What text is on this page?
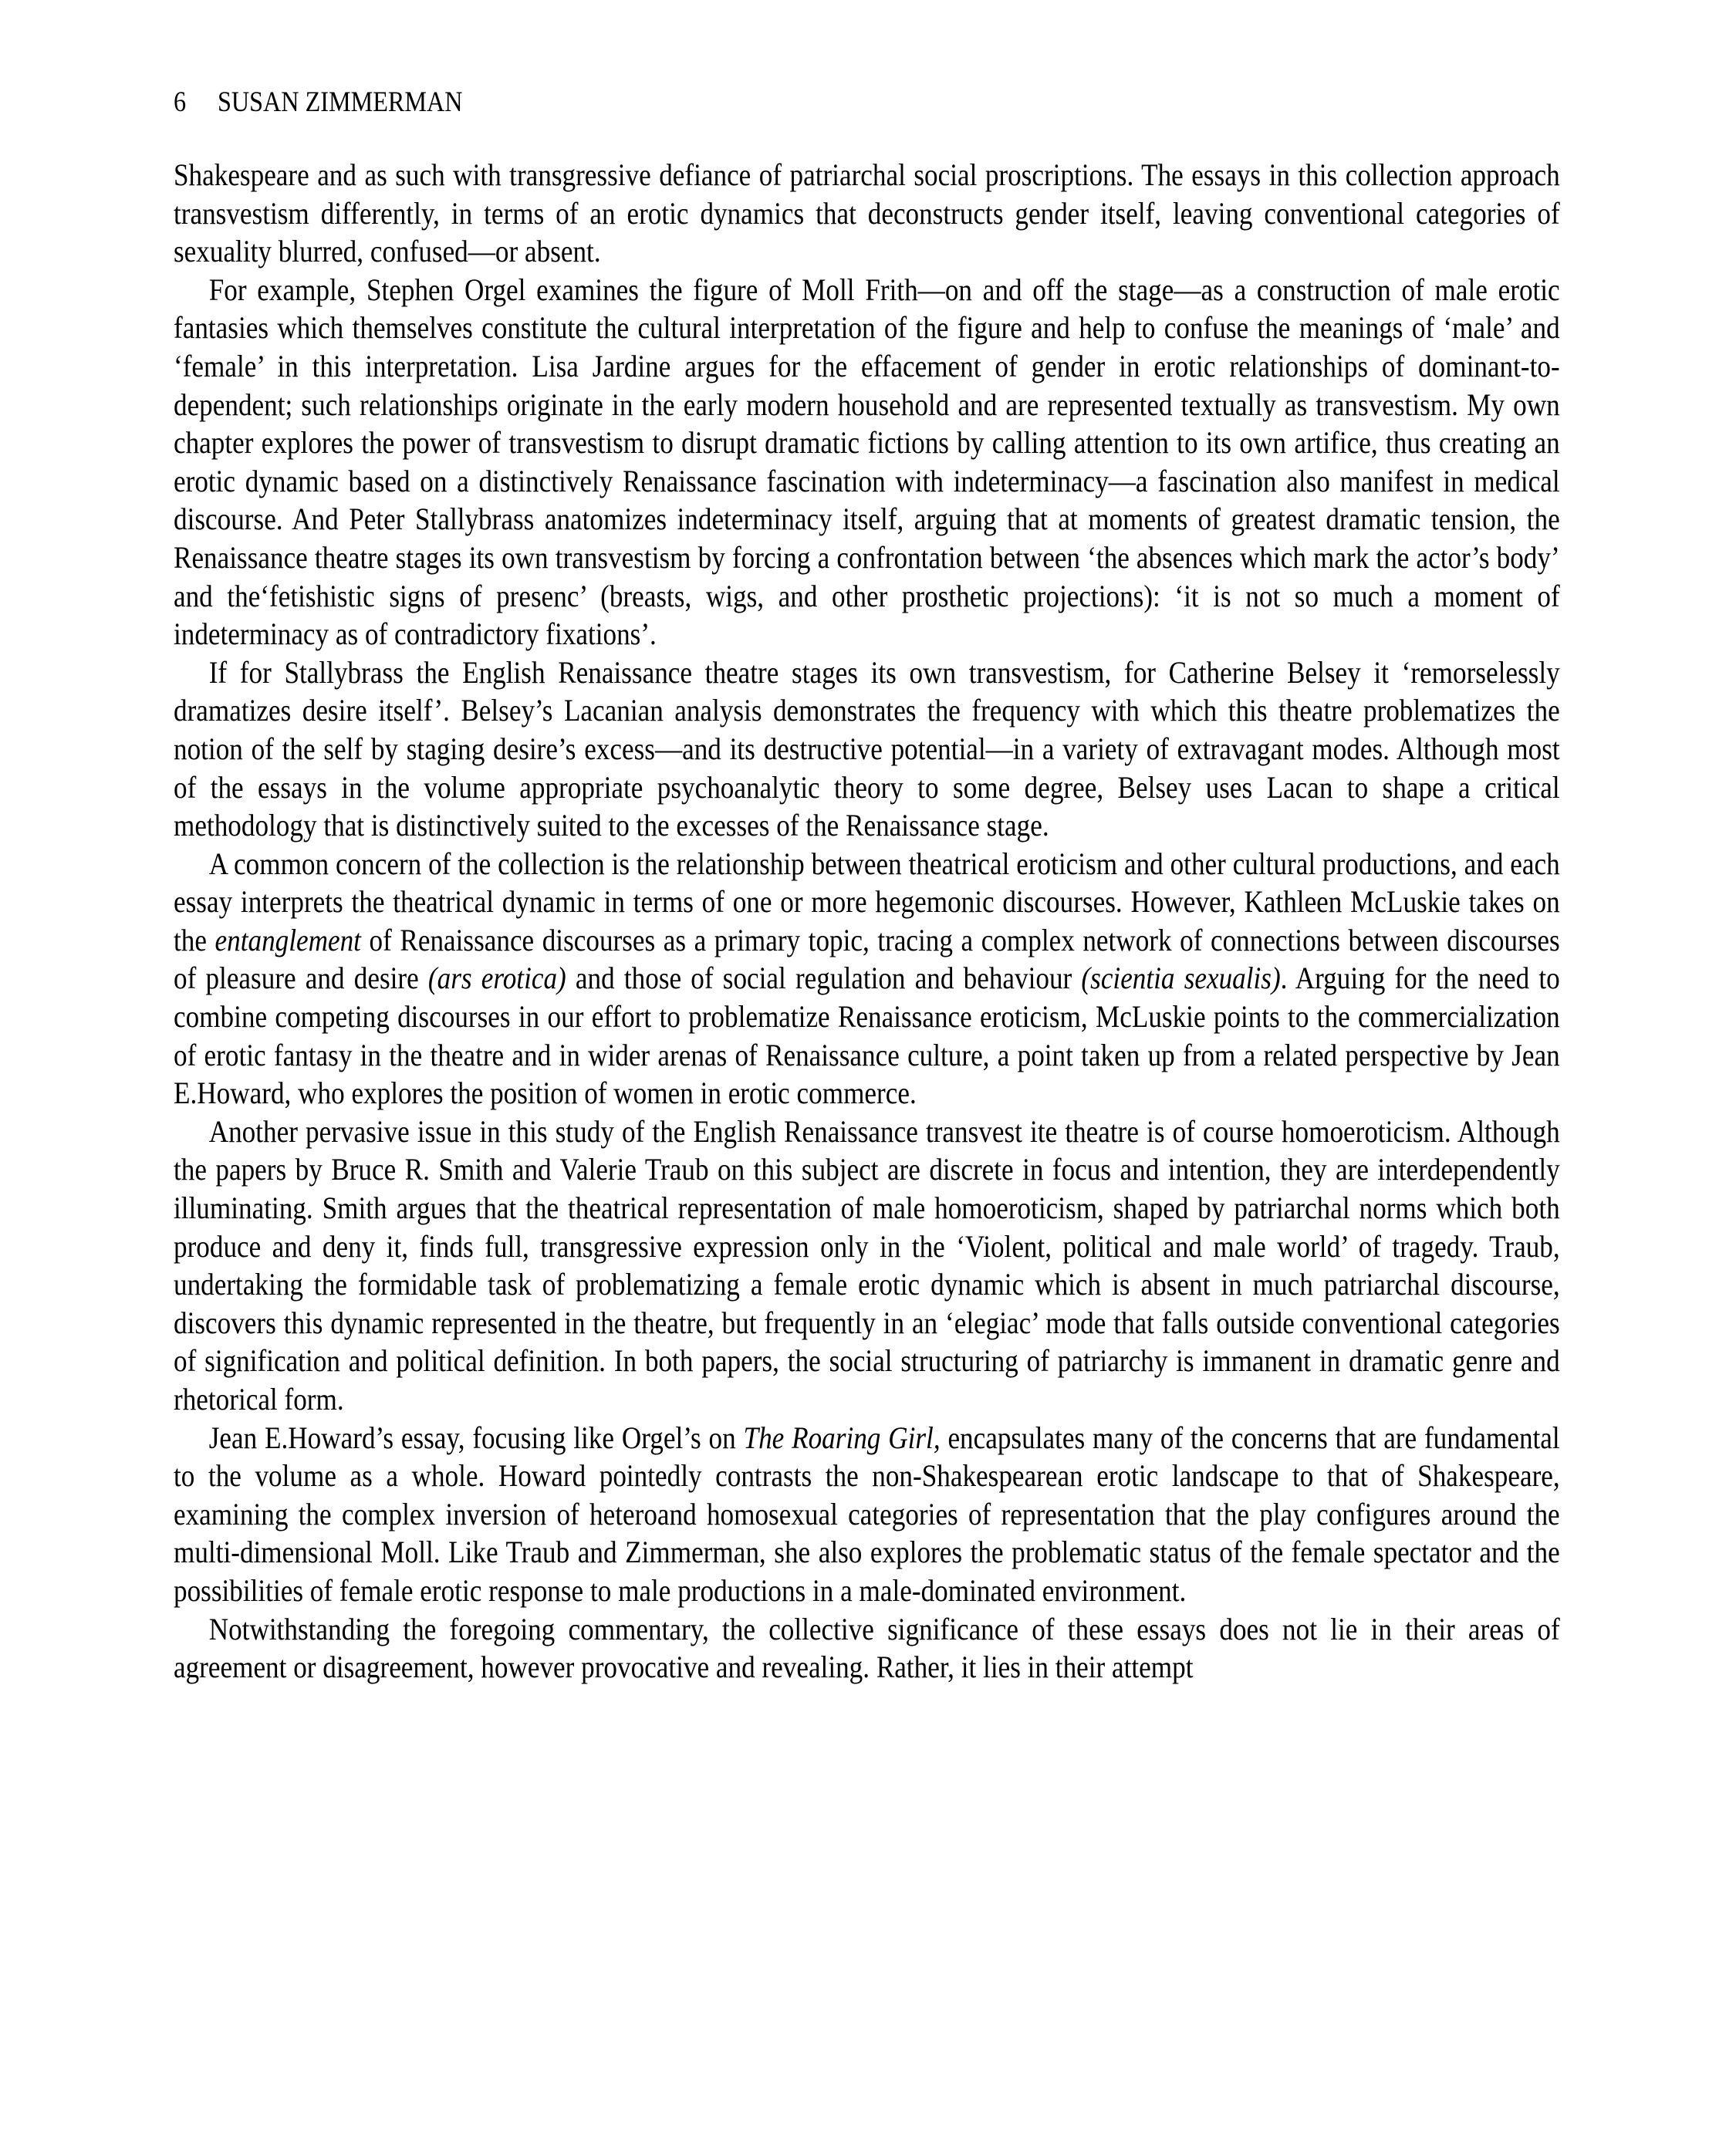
6 SUSAN ZIMMERMAN

Shakespeare and as such with transgressive defiance of patriarchal social proscriptions. The essays in this collection approach transvestism differently, in terms of an erotic dynamics that deconstructs gender itself, leaving conventional categories of sexuality blurred, confused—or absent.

For example, Stephen Orgel examines the figure of Moll Frith—on and off the stage—as a construction of male erotic fantasies which themselves constitute the cultural interpretation of the figure and help to confuse the meanings of ‘male’ and ‘female’ in this interpretation. Lisa Jardine argues for the effacement of gender in erotic relationships of dominant-to-dependent; such relationships originate in the early modern household and are represented textually as transvestism. My own chapter explores the power of transvestism to disrupt dramatic fictions by calling attention to its own artifice, thus creating an erotic dynamic based on a distinctively Renaissance fascination with indeterminacy—a fascination also manifest in medical discourse. And Peter Stallybrass anatomizes indeterminacy itself, arguing that at moments of greatest dramatic tension, the Renaissance theatre stages its own transvestism by forcing a confrontation between ‘the absences which mark the actor’s body’ and the‘fetishistic signs of presenc’ (breasts, wigs, and other prosthetic projections): ‘it is not so much a moment of indeterminacy as of contradictory fixations’.

If for Stallybrass the English Renaissance theatre stages its own transvestism, for Catherine Belsey it ‘remorselessly dramatizes desire itself’. Belsey’s Lacanian analysis demonstrates the frequency with which this theatre problematizes the notion of the self by staging desire’s excess—and its destructive potential—in a variety of extravagant modes. Although most of the essays in the volume appropriate psychoanalytic theory to some degree, Belsey uses Lacan to shape a critical methodology that is distinctively suited to the excesses of the Renaissance stage.

A common concern of the collection is the relationship between theatrical eroticism and other cultural productions, and each essay interprets the theatrical dynamic in terms of one or more hegemonic discourses. However, Kathleen McLuskie takes on the entanglement of Renaissance discourses as a primary topic, tracing a complex network of connections between discourses of pleasure and desire (ars erotica) and those of social regulation and behaviour (scientia sexualis). Arguing for the need to combine competing discourses in our effort to problematize Renaissance eroticism, McLuskie points to the commercialization of erotic fantasy in the theatre and in wider arenas of Renaissance culture, a point taken up from a related perspective by Jean E.Howard, who explores the position of women in erotic commerce.

Another pervasive issue in this study of the English Renaissance transvest ite theatre is of course homoeroticism. Although the papers by Bruce R. Smith and Valerie Traub on this subject are discrete in focus and intention, they are interdependently illuminating. Smith argues that the theatrical representation of male homoeroticism, shaped by patriarchal norms which both produce and deny it, finds full, transgressive expression only in the ‘Violent, political and male world’ of tragedy. Traub, undertaking the formidable task of problematizing a female erotic dynamic which is absent in much patriarchal discourse, discovers this dynamic represented in the theatre, but frequently in an ‘elegiac’ mode that falls outside conventional categories of signification and political definition. In both papers, the social structuring of patriarchy is immanent in dramatic genre and rhetorical form.

Jean E.Howard’s essay, focusing like Orgel’s on The Roaring Girl, encapsulates many of the concerns that are fundamental to the volume as a whole. Howard pointedly contrasts the non-Shakespearean erotic landscape to that of Shakespeare, examining the complex inversion of heteroand homosexual categories of representation that the play configures around the multi-dimensional Moll. Like Traub and Zimmerman, she also explores the problematic status of the female spectator and the possibilities of female erotic response to male productions in a male-dominated environment.

Notwithstanding the foregoing commentary, the collective significance of these essays does not lie in their areas of agreement or disagreement, however provocative and revealing. Rather, it lies in their attempt
